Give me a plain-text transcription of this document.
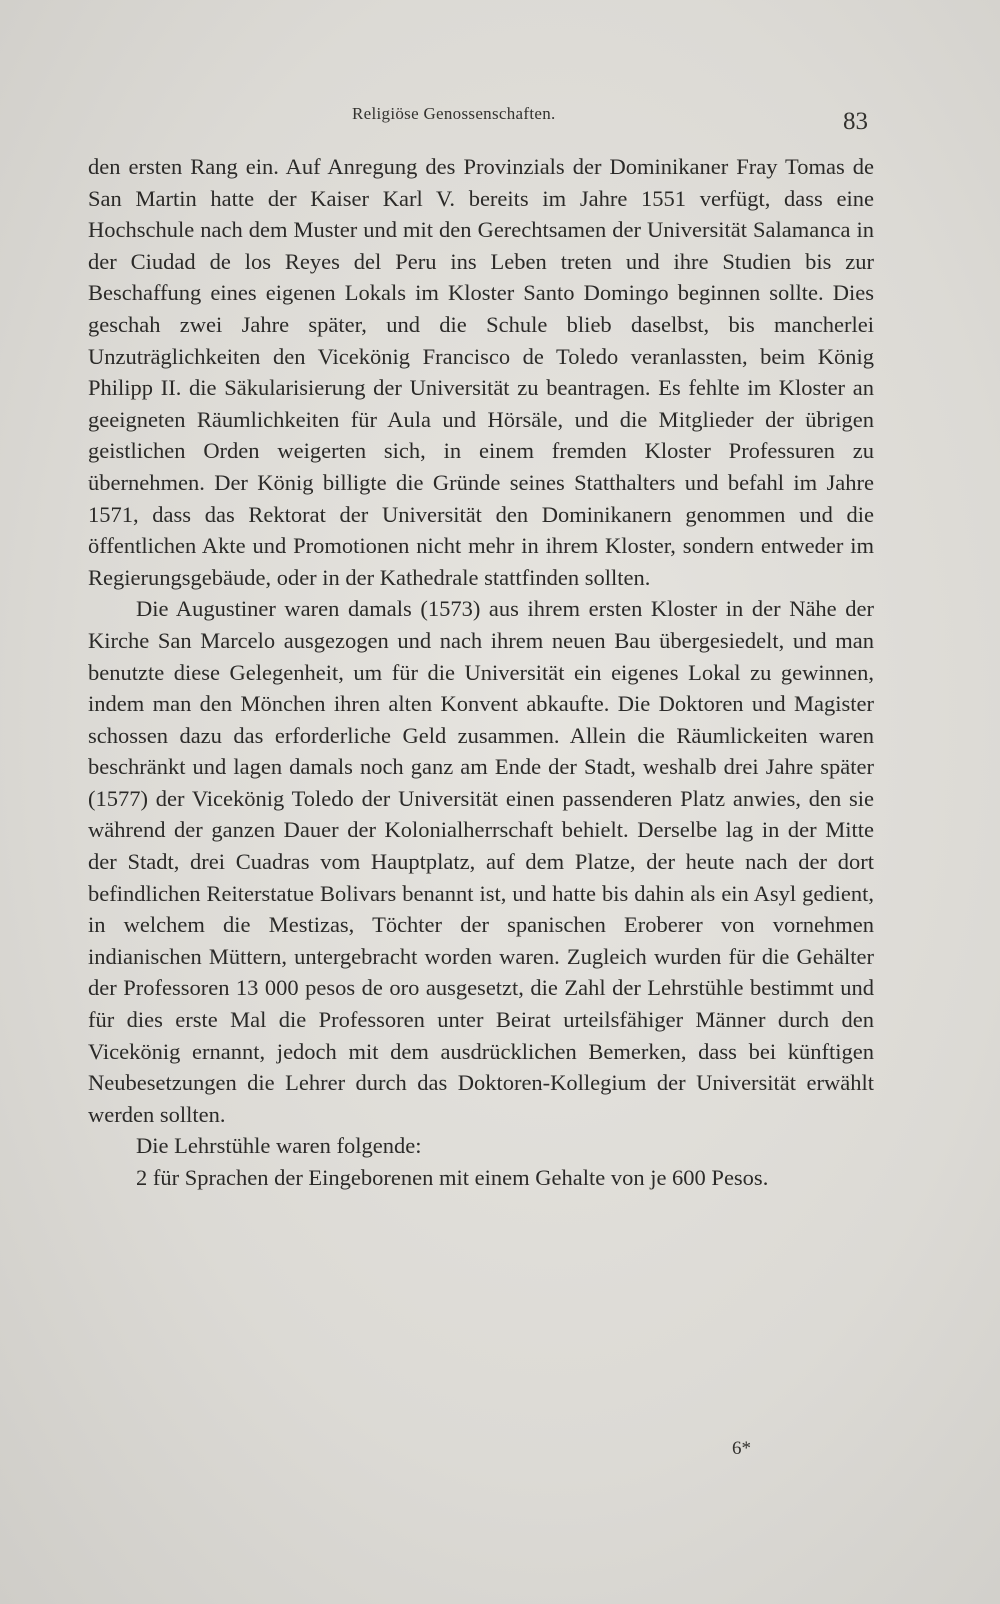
Religiöse Genossenschaften.	83

den ersten Rang ein. Auf Anregung des Provinzials der Dominikaner Fray Tomas de San Martin hatte der Kaiser Karl V. bereits im Jahre 1551 verfügt, dass eine Hochschule nach dem Muster und mit den Gerechtsamen der Universität Salamanca in der Ciudad de los Reyes del Peru ins Leben treten und ihre Studien bis zur Beschaffung eines eigenen Lokals im Kloster Santo Domingo beginnen sollte. Dies geschah zwei Jahre später, und die Schule blieb daselbst, bis mancherlei Unzuträglichkeiten den Vicekönig Francisco de Toledo veranlassten, beim König Philipp II. die Säkularisierung der Universität zu beantragen. Es fehlte im Kloster an geeigneten Räumlichkeiten für Aula und Hörsäle, und die Mitglieder der übrigen geistlichen Orden weigerten sich, in einem fremden Kloster Professuren zu übernehmen. Der König billigte die Gründe seines Statthalters und befahl im Jahre 1571, dass das Rektorat der Universität den Dominikanern genommen und die öffentlichen Akte und Promotionen nicht mehr in ihrem Kloster, sondern entweder im Regierungsgebäude, oder in der Kathedrale stattfinden sollten.

Die Augustiner waren damals (1573) aus ihrem ersten Kloster in der Nähe der Kirche San Marcelo ausgezogen und nach ihrem neuen Bau übergesiedelt, und man benutzte diese Gelegenheit, um für die Universität ein eigenes Lokal zu gewinnen, indem man den Mönchen ihren alten Konvent abkaufte. Die Doktoren und Magister schossen dazu das erforderliche Geld zusammen. Allein die Räumlickeiten waren beschränkt und lagen damals noch ganz am Ende der Stadt, weshalb drei Jahre später (1577) der Vicekönig Toledo der Universität einen passenderen Platz anwies, den sie während der ganzen Dauer der Kolonialherrschaft behielt. Derselbe lag in der Mitte der Stadt, drei Cuadras vom Hauptplatz, auf dem Platze, der heute nach der dort befindlichen Reiterstatue Bolivars benannt ist, und hatte bis dahin als ein Asyl gedient, in welchem die Mestizas, Töchter der spanischen Eroberer von vornehmen indianischen Müttern, untergebracht worden waren. Zugleich wurden für die Gehälter der Professoren 13 000 pesos de oro ausgesetzt, die Zahl der Lehrstühle bestimmt und für dies erste Mal die Professoren unter Beirat urteilsfähiger Männer durch den Vicekönig ernannt, jedoch mit dem ausdrücklichen Bemerken, dass bei künftigen Neubesetzungen die Lehrer durch das Doktoren-Kollegium der Universität erwählt werden sollten.

Die Lehrstühle waren folgende:

2 für Sprachen der Eingeborenen mit einem Gehalte von je 600 Pesos.

6*
